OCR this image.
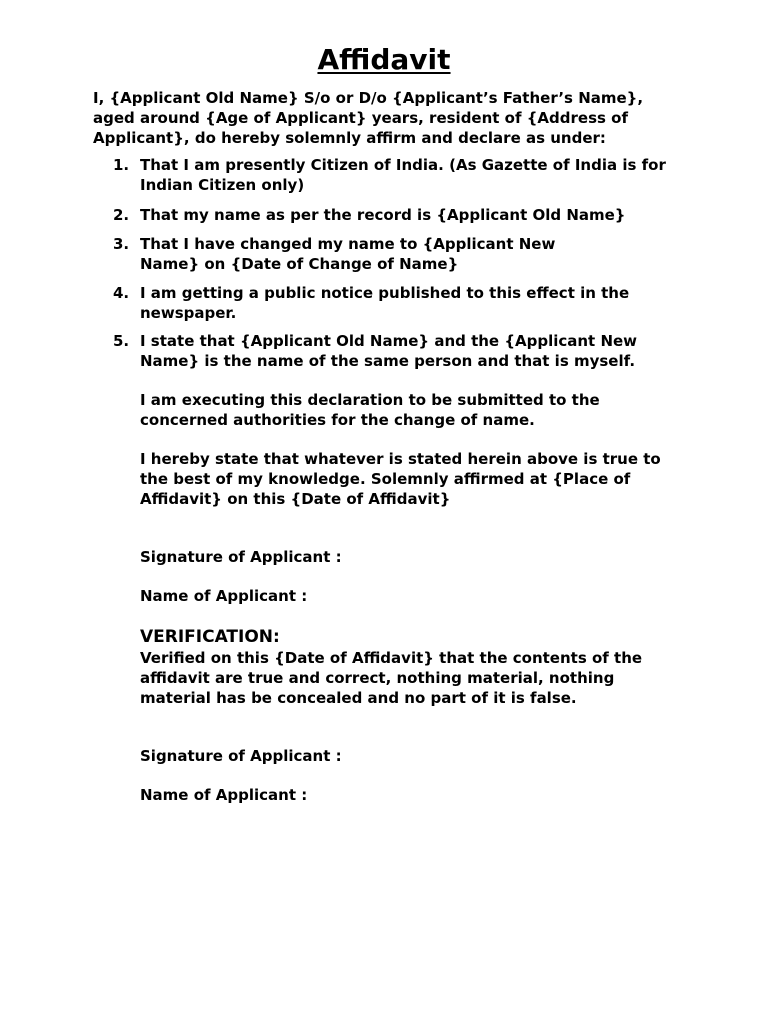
Affidavit
I, {Applicant Old Name} S/o or D/o {Applicant’s Father’s Name}, aged around {Age of Applicant} years, resident of {Address of Applicant}, do hereby solemnly affirm and declare as under:
1. That I am presently Citizen of India. (As Gazette of India is for Indian Citizen only)
2. That my name as per the record is {Applicant Old Name}
3. That I have changed my name to {Applicant New Name} on {Date of Change of Name}
4. I am getting a public notice published to this effect in the newspaper.
5. I state that {Applicant Old Name} and the {Applicant New Name} is the name of the same person and that is myself.
I am executing this declaration to be submitted to the concerned authorities for the change of name.
I hereby state that whatever is stated herein above is true to the best of my knowledge. Solemnly affirmed at {Place of Affidavit} on this {Date of Affidavit}
Signature of Applicant :
Name of Applicant :
VERIFICATION:
Verified on this {Date of Affidavit} that the contents of the affidavit are true and correct, nothing material, nothing material has be concealed and no part of it is false.
Signature of Applicant :
Name of Applicant :
